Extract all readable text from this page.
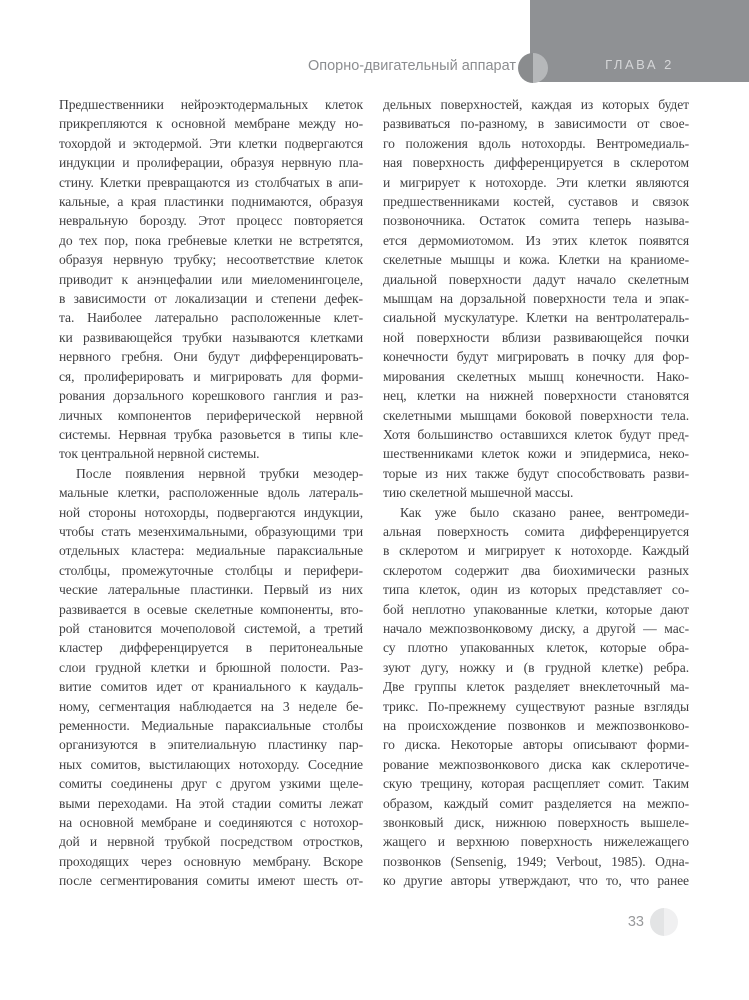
ГЛАВА 2
Опорно-двигательный аппарат
Предшественники нейроэктодермальных клеток
прикрепляются к основной мембране между но-
тохордой и эктодермой. Эти клетки подвергаются
индукции и пролиферации, образуя нервную пла-
стину. Клетки превращаются из столбчатых в апи-
кальные, а края пластинки поднимаются, образуя
невральную борозду. Этот процесс повторяется
до тех пор, пока гребневые клетки не встретятся,
образуя нервную трубку; несоответствие клеток
приводит к анэнцефалии или миеломенингоцеле,
в зависимости от локализации и степени дефек-
та. Наиболее латерально расположенные клет-
ки развивающейся трубки называются клетками
нервного гребня. Они будут дифференцировать-
ся, пролиферировать и мигрировать для форми-
рования дорзального корешкового ганглия и раз-
личных компонентов периферической нервной
системы. Нервная трубка разовьется в типы кле-
ток центральной нервной системы.
После появления нервной трубки мезодер-
мальные клетки, расположенные вдоль латераль-
ной стороны нотохорды, подвергаются индукции,
чтобы стать мезенхимальными, образующими три
отдельных кластера: медиальные параксиальные
столбцы, промежуточные столбцы и перифери-
ческие латеральные пластинки. Первый из них
развивается в осевые скелетные компоненты, вто-
рой становится мочеполовой системой, а третий
кластер дифференцируется в перитонеальные
слои грудной клетки и брюшной полости. Раз-
витие сомитов идет от краниального к каудаль-
ному, сегментация наблюдается на 3 неделе бе-
ременности. Медиальные параксиальные столбы
организуются в эпителиальную пластинку пар-
ных сомитов, выстилающих нотохорду. Соседние
сомиты соединены друг с другом узкими щеле-
выми переходами. На этой стадии сомиты лежат
на основной мембране и соединяются с нотохор-
дой и нервной трубкой посредством отростков,
проходящих через основную мембрану. Вскоре
после сегментирования сомиты имеют шесть от-
дельных поверхностей, каждая из которых будет
развиваться по-разному, в зависимости от свое-
го положения вдоль нотохорды. Вентромедиаль-
ная поверхность дифференцируется в склеротом
и мигрирует к нотохорде. Эти клетки являются
предшественниками костей, суставов и связок
позвоночника. Остаток сомита теперь называ-
ется дермомиотомом. Из этих клеток появятся
скелетные мышцы и кожа. Клетки на краниоме-
диальной поверхности дадут начало скелетным
мышцам на дорзальной поверхности тела и эпак-
сиальной мускулатуре. Клетки на вентролатераль-
ной поверхности вблизи развивающейся почки
конечности будут мигрировать в почку для фор-
мирования скелетных мышц конечности. Нако-
нец, клетки на нижней поверхности становятся
скелетными мышцами боковой поверхности тела.
Хотя большинство оставшихся клеток будут пред-
шественниками клеток кожи и эпидермиса, неко-
торые из них также будут способствовать разви-
тию скелетной мышечной массы.
Как уже было сказано ранее, вентромеди-
альная поверхность сомита дифференцируется
в склеротом и мигрирует к нотохорде. Каждый
склеротом содержит два биохимически разных
типа клеток, один из которых представляет со-
бой неплотно упакованные клетки, которые дают
начало межпозвонковому диску, а другой — мас-
су плотно упакованных клеток, которые обра-
зуют дугу, ножку и (в грудной клетке) ребра.
Две группы клеток разделяет внеклеточный ма-
трикс. По-прежнему существуют разные взгляды
на происхождение позвонков и межпозвонково-
го диска. Некоторые авторы описывают форми-
рование межпозвонкового диска как склеротиче-
скую трещину, которая расщепляет сомит. Таким
образом, каждый сомит разделяется на межпо-
звонковый диск, нижнюю поверхность вышеле-
жащего и верхнюю поверхность нижележащего
позвонков (Sensenig, 1949; Verbout, 1985). Одна-
ко другие авторы утверждают, что то, что ранее
33
